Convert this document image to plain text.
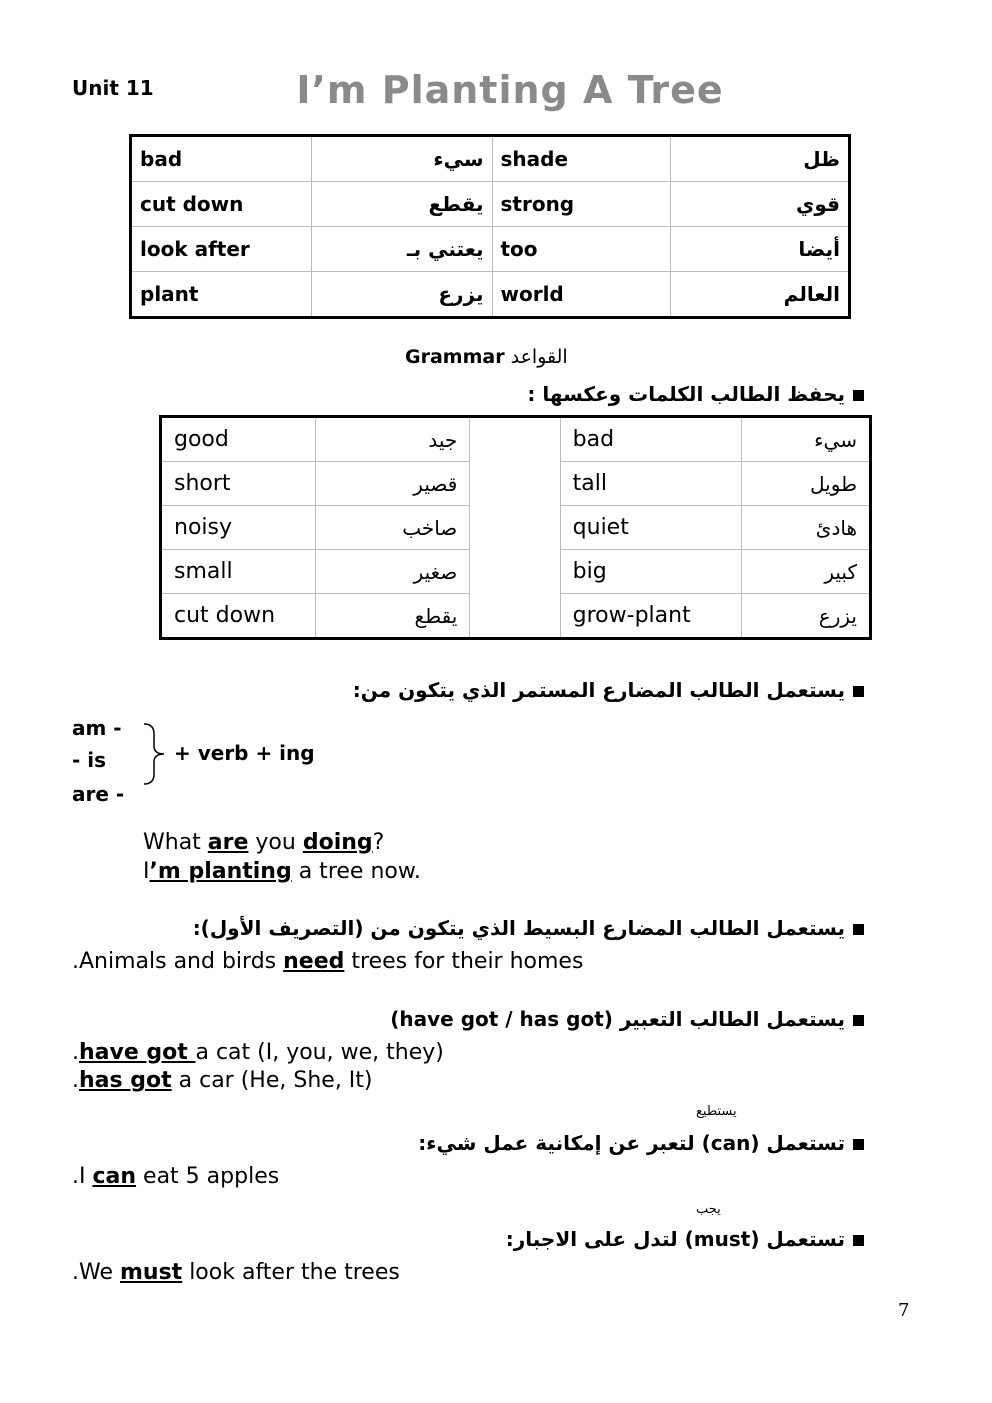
Unit 11	I’m Planting A Tree
bad	سيء	shade	ظل
cut down	يقطع	strong	قوي
look after	يعتني بـ	too	أيضا
plant	يزرع	world	العالم
Grammar القواعد
يحفظ الطالب الكلمات وعكسها :
good	جيد		bad	سيء
short	قصير		tall	طويل
noisy	صاخب		quiet	هادئ
small	صغير		big	كبير
cut down	يقطع		grow-plant	يزرع
يستعمل الطالب المضارع المستمر الذي يتكون من:
am -
- is
are -
+ verb + ing
What are you doing?
I’m planting a tree now.
يستعمل الطالب المضارع البسيط الذي يتكون من (التصريف الأول):
.Animals and birds need trees for their homes
يستعمل الطالب التعبير (have got / has got)
.have got a cat (I, you, we, they)
.has got a car (He, She, It)
يستطيع
تستعمل (can) لتعبر عن إمكانية عمل شيء:
.I can eat 5 apples
يجب
تستعمل (must) لتدل على الاجبار:
.We must look after the trees
7
